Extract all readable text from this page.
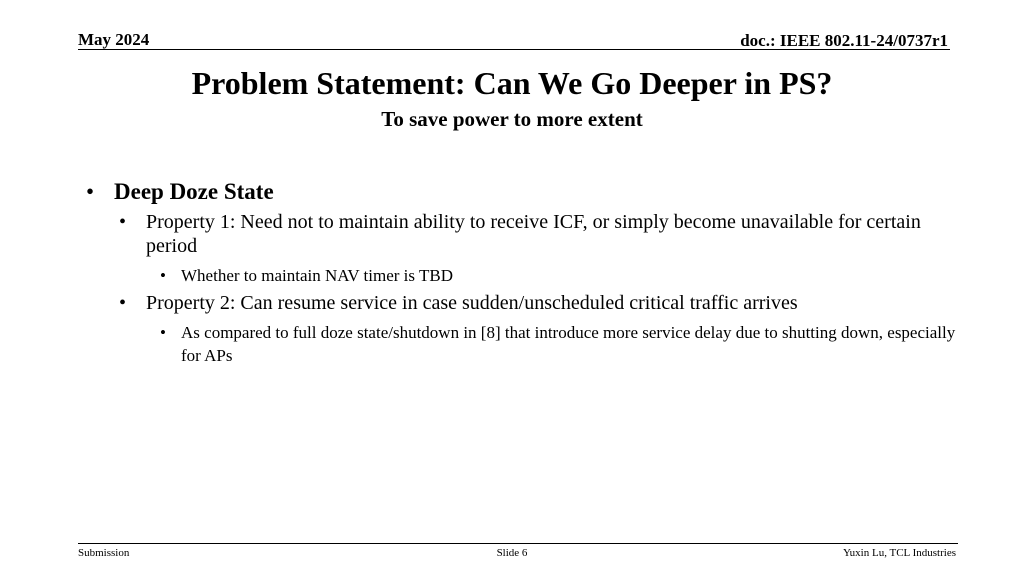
May 2024	doc.: IEEE 802.11-24/0737r1
Problem Statement: Can We Go Deeper in PS?
To save power to more extent
• Deep Doze State
• Property 1: Need not to maintain ability to receive ICF, or simply become unavailable for certain period
• Whether to maintain NAV timer is TBD
• Property 2: Can resume service in case sudden/unscheduled critical traffic arrives
• As compared to full doze state/shutdown in [8] that introduce more service delay due to shutting down, especially for APs
Submission	Slide 6	Yuxin Lu, TCL Industries
